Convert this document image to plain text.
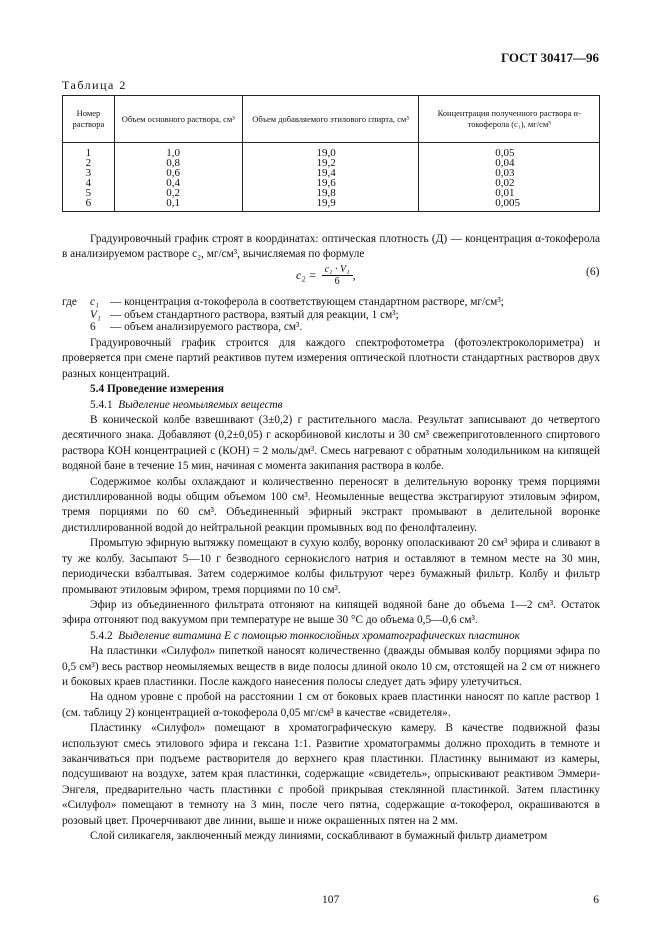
ГОСТ 30417—96
Таблица 2
Номер раствора	Объем основного раствора, см³	Объем добавляемого этилового спирта, см³	Концентрация полученного раствора α-токоферола (c₁), мг/см³
1	1,0	19,0	0,05
2	0,8	19,2	0,04
3	0,6	19,4	0,03
4	0,4	19,6	0,02
5	0,2	19,8	0,01
6	0,1	19,9	0,005

Градуировочный график строят в координатах: оптическая плотность (Д) — концентрация α-токоферола в анализируемом растворе c₂, мг/см³, вычисляемая по формуле

$c_2 = \frac{\text{c₁ · V₁}}{6}$ ,	(6)
где	c₁ — концентрация α-токоферола в соответствующем стандартном растворе, мг/см³;
V₁ — объем стандартного раствора, взятый для реакции, 1 см³;
6	— объем анализируемого раствора, см³.

Градуировочный график строится для каждого спектрофотометра (фотоэлектроколориметра) и проверяется при смене партий реактивов путем измерения оптической плотности стандартных растворов двух разных концентраций.

5.4 Проведение измерения

5.4.1 Выделение неомыляемых веществ

В конической колбе взвешивают (3±0,2) г растительного масла. Результат записывают до четвертого десятичного знака. Добавляют (0,2±0,05) г аскорбиновой кислоты и 30 см³ свежеприготовленного спиртового раствора КОН концентрацией c (КОН) = 2 моль/дм³. Смесь нагревают с обратным холодильником на кипящей водяной бане в течение 15 мин, начиная с момента закипания раствора в колбе.

Содержимое колбы охлаждают и количественно переносят в делительную воронку тремя порциями дистиллированной воды общим объемом 100 см³. Неомыленные вещества экстрагируют этиловым эфиром, тремя порциями по 60 см³. Объединенный эфирный экстракт промывают в делительной воронке дистиллированной водой до нейтральной реакции промывных вод по фенолфталеину.

Промытую эфирную вытяжку помещают в сухую колбу, воронку ополаскивают 20 см³ эфира и сливают в ту же колбу. Засыпают 5—10 г безводного сернокислого натрия и оставляют в темном месте на 30 мин, периодически взбалтывая. Затем содержимое колбы фильтруют через бумажный фильтр. Колбу и фильтр промывают этиловым эфиром, тремя порциями по 10 см³.

Эфир из объединенного фильтрата отгоняют на кипящей водяной бане до объема 1—2 см³. Остаток эфира отгоняют под вакуумом при температуре не выше 30 °С до объема 0,5—0,6 см³.

5.4.2 Выделение витамина Е с помощью тонкослойных хроматографических пластинок

На пластинки «Силуфол» пипеткой наносят количественно (дважды обмывая колбу порциями эфира по 0,5 см³) весь раствор неомыляемых веществ в виде полосы длиной около 10 см, отстоящей на 2 см от нижнего и боковых краев пластинки. После каждого нанесения полосы следует дать эфиру улетучиться.

На одном уровне с пробой на расстоянии 1 см от боковых краев пластинки наносят по капле раствор 1 (см. таблицу 2) концентрацией α-токоферола 0,05 мг/см³ в качестве «свидетеля».

Пластинку «Силуфол» помещают в хроматографическую камеру. В качестве подвижной фазы используют смесь этилового эфира и гексана 1:1. Развитие хроматограммы должно проходить в темноте и заканчиваться при подъеме растворителя до верхнего края пластинки. Пластинку вынимают из камеры, подсушивают на воздухе, затем края пластинки, содержащие «свидетель», опрыскивают реактивом Эммери-Энгеля, предварительно часть пластинки с пробой прикрывая стеклянной пластинкой. Затем пластинку «Силуфол» помещают в темноту на 3 мин, после чего пятна, содержащие α-токоферол, окрашиваются в розовый цвет. Прочерчивают две линии, выше и ниже окрашенных пятен на 2 мм.

Слой силикагеля, заключенный между линиями, соскабливают в бумажный фильтр диаметром

107	6
